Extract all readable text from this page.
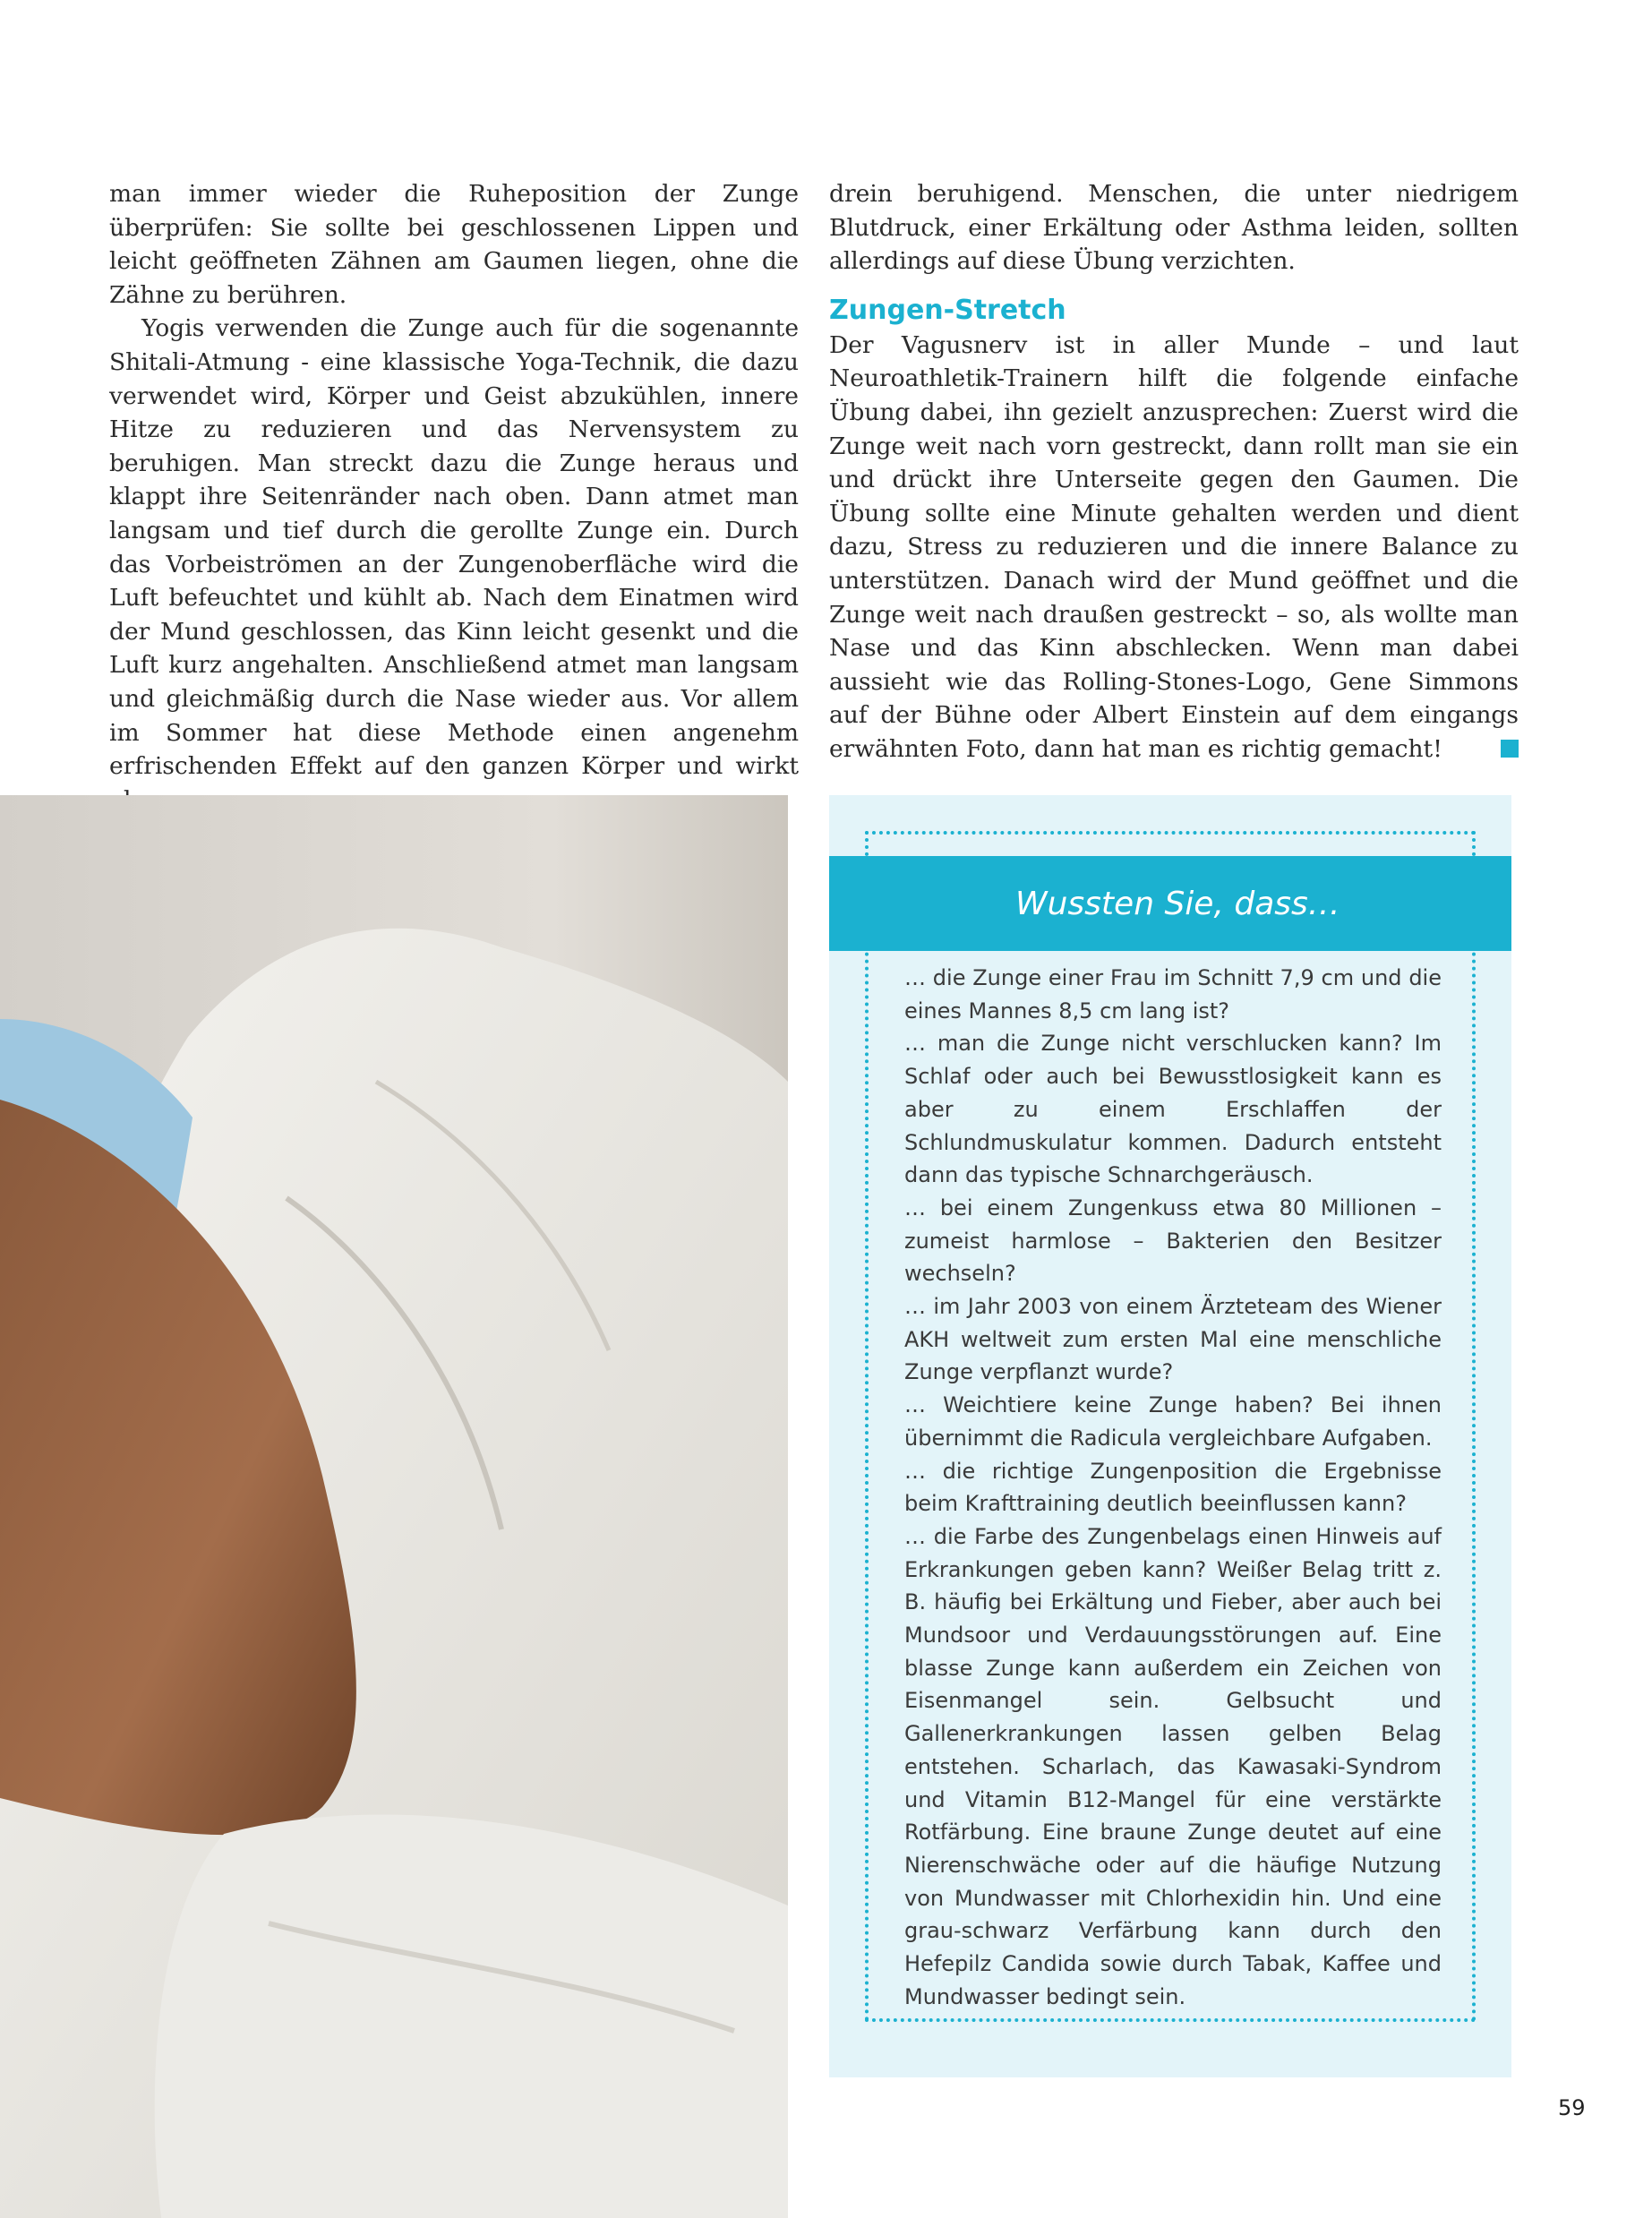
man immer wieder die Ruheposition der Zunge überprüfen: Sie sollte bei geschlossenen Lippen und leicht geöffneten Zähnen am Gaumen liegen, ohne die Zähne zu berühren.

Yogis verwenden die Zunge auch für die sogenannte Shitali-Atmung - eine klassische Yoga-Technik, die dazu verwendet wird, Körper und Geist abzukühlen, innere Hitze zu reduzieren und das Nervensystem zu beruhigen. Man streckt dazu die Zunge heraus und klappt ihre Seitenränder nach oben. Dann atmet man langsam und tief durch die gerollte Zunge ein. Durch das Vorbeiströmen an der Zungenoberfläche wird die Luft befeuchtet und kühlt ab. Nach dem Einatmen wird der Mund geschlossen, das Kinn leicht gesenkt und die Luft kurz angehalten. Anschließend atmet man langsam und gleichmäßig durch die Nase wieder aus. Vor allem im Sommer hat diese Methode einen angenehm erfrischenden Effekt auf den ganzen Körper und wirkt

drein beruhigend. Menschen, die unter niedrigem Blutdruck, einer Erkältung oder Asthma leiden, sollten allerdings auf diese Übung verzichten.

Zungen-Stretch

Der Vagusnerv ist in aller Munde – und laut Neuroathletik-Trainern hilft die folgende einfache Übung dabei, ihn gezielt anzusprechen: Zuerst wird die Zunge weit nach vorn gestreckt, dann rollt man sie ein und drückt ihre Unterseite gegen den Gaumen. Die Übung sollte eine Minute gehalten werden und dient dazu, Stress zu reduzieren und die innere Balance zu unterstützen. Danach wird der Mund geöffnet und die Zunge weit nach draußen gestreckt – so, als wollte man Nase und das Kinn abschlecken. Wenn man dabei aussieht wie das Rolling-Stones-Logo, Gene Simmons auf der Bühne oder Albert Einstein auf dem eingangs erwähnten Foto, dann hat man es richtig gemacht!

Wussten Sie, dass…

… die Zunge einer Frau im Schnitt 7,9 cm und die eines Mannes 8,5 cm lang ist?

… man die Zunge nicht verschlucken kann? Im Schlaf oder auch bei Bewusstlosigkeit kann es aber zu einem Erschlaffen der Schlundmuskulatur kommen. Dadurch entsteht dann das typische Schnarchgeräusch.

… bei einem Zungenkuss etwa 80 Millionen – zumeist harmlose – Bakterien den Besitzer wechseln?

… im Jahr 2003 von einem Ärzteteam des Wiener AKH weltweit zum ersten Mal eine menschliche Zunge verpflanzt wurde?

… Weichtiere keine Zunge haben? Bei ihnen übernimmt die Radicula vergleichbare Aufgaben.

… die richtige Zungenposition die Ergebnisse beim Krafttraining deutlich beeinflussen kann?

… die Farbe des Zungenbelags einen Hinweis auf Erkrankungen geben kann? Weißer Belag tritt z. B. häufig bei Erkältung und Fieber, aber auch bei Mundsoor und Verdauungsstörungen auf. Eine blasse Zunge kann außerdem ein Zeichen von Eisenmangel sein. Gelbsucht und Gallenerkrankungen lassen gelben Belag entstehen. Scharlach, das Kawasaki-Syndrom und Vitamin B12-Mangel für eine verstärkte Rotfärbung. Eine braune Zunge deutet auf eine Nierenschwäche oder auf die häufige Nutzung von Mundwasser mit Chlorhexidin hin. Und eine grau-schwarz Verfärbung kann durch den Hefepilz Candida sowie durch Tabak, Kaffee und Mundwasser bedingt sein.

59
